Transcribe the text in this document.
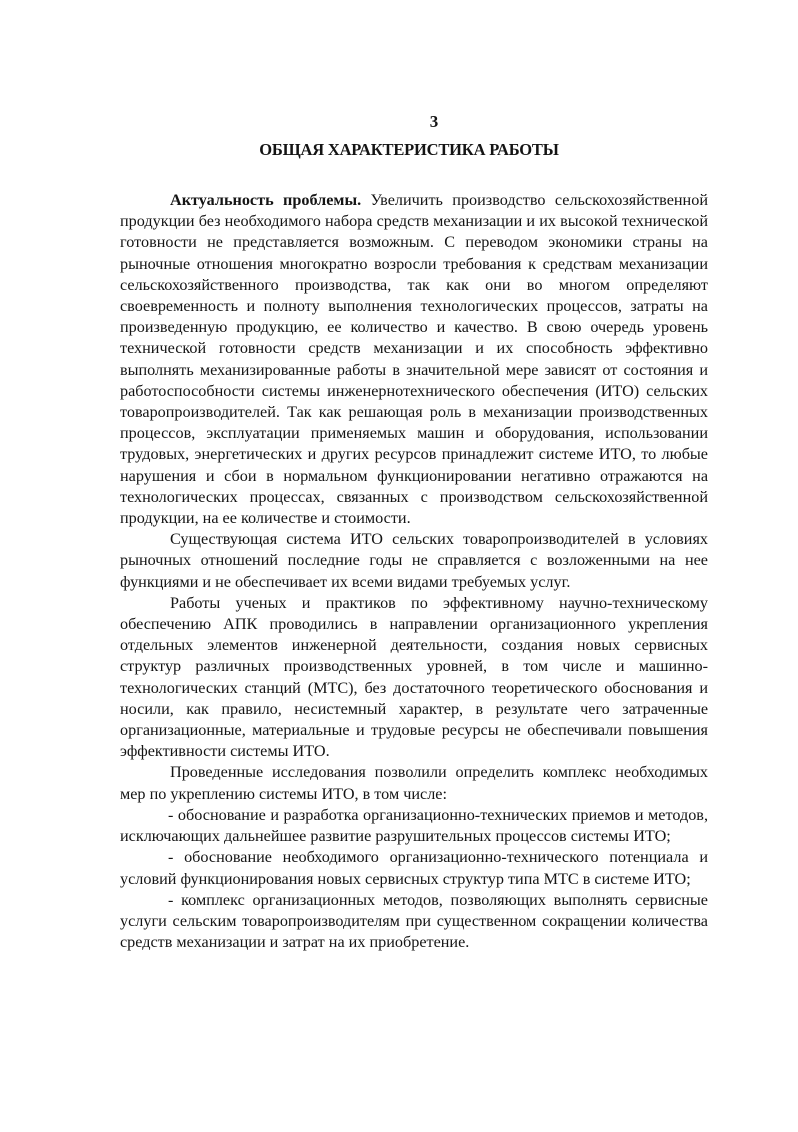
3
ОБЩАЯ ХАРАКТЕРИСТИКА РАБОТЫ

Актуальность проблемы. Увеличить производство сельскохозяйственной продукции без необходимого набора средств механизации и их высокой технической готовности не представляется возможным. С переводом экономики страны на рыночные отношения многократно возросли требования к средствам механизации сельскохозяйственного производства, так как они во многом определяют своевременность и полноту выполнения технологических процессов, затраты на произведенную продукцию, ее количество и качество. В свою очередь уровень технической готовности средств механизации и их способность эффективно выполнять механизированные работы в значительной мере зависят от состояния и работоспособности системы инженернотехнического обеспечения (ИТО) сельских товаропроизводителей. Так как решающая роль в механизации производственных процессов, эксплуатации применяемых машин и оборудования, использовании трудовых, энергетических и других ресурсов принадлежит системе ИТО, то любые нарушения и сбои в нормальном функционировании негативно отражаются на технологических процессах, связанных с производством сельскохозяйственной продукции, на ее количестве и стоимости.

Существующая система ИТО сельских товаропроизводителей в условиях рыночных отношений последние годы не справляется с возложенными на нее функциями и не обеспечивает их всеми видами требуемых услуг.

Работы ученых и практиков по эффективному научно-техническому обеспечению АПК проводились в направлении организационного укрепления отдельных элементов инженерной деятельности, создания новых сервисных структур различных производственных уровней, в том числе и машиннотехнологических станций (МТС), без достаточного теоретического обоснования и носили, как правило, несистемный характер, в результате чего затраченные организационные, материальные и трудовые ресурсы не обеспечивали повышения эффективности системы ИТО.

Проведенные исследования позволили определить комплекс необходимых мер по укреплению системы ИТО, в том числе:

- обоснование и разработка организационно-технических приемов и методов, исключающих дальнейшее развитие разрушительных процессов системы ИТО;

- обоснование необходимого организационно-технического потенциала и условий функционирования новых сервисных структур типа МТС в системе ИТО;

- комплекс организационных методов, позволяющих выполнять сервисные услуги сельским товаропроизводителям при существенном сокращении количества средств механизации и затрат на их приобретение.
